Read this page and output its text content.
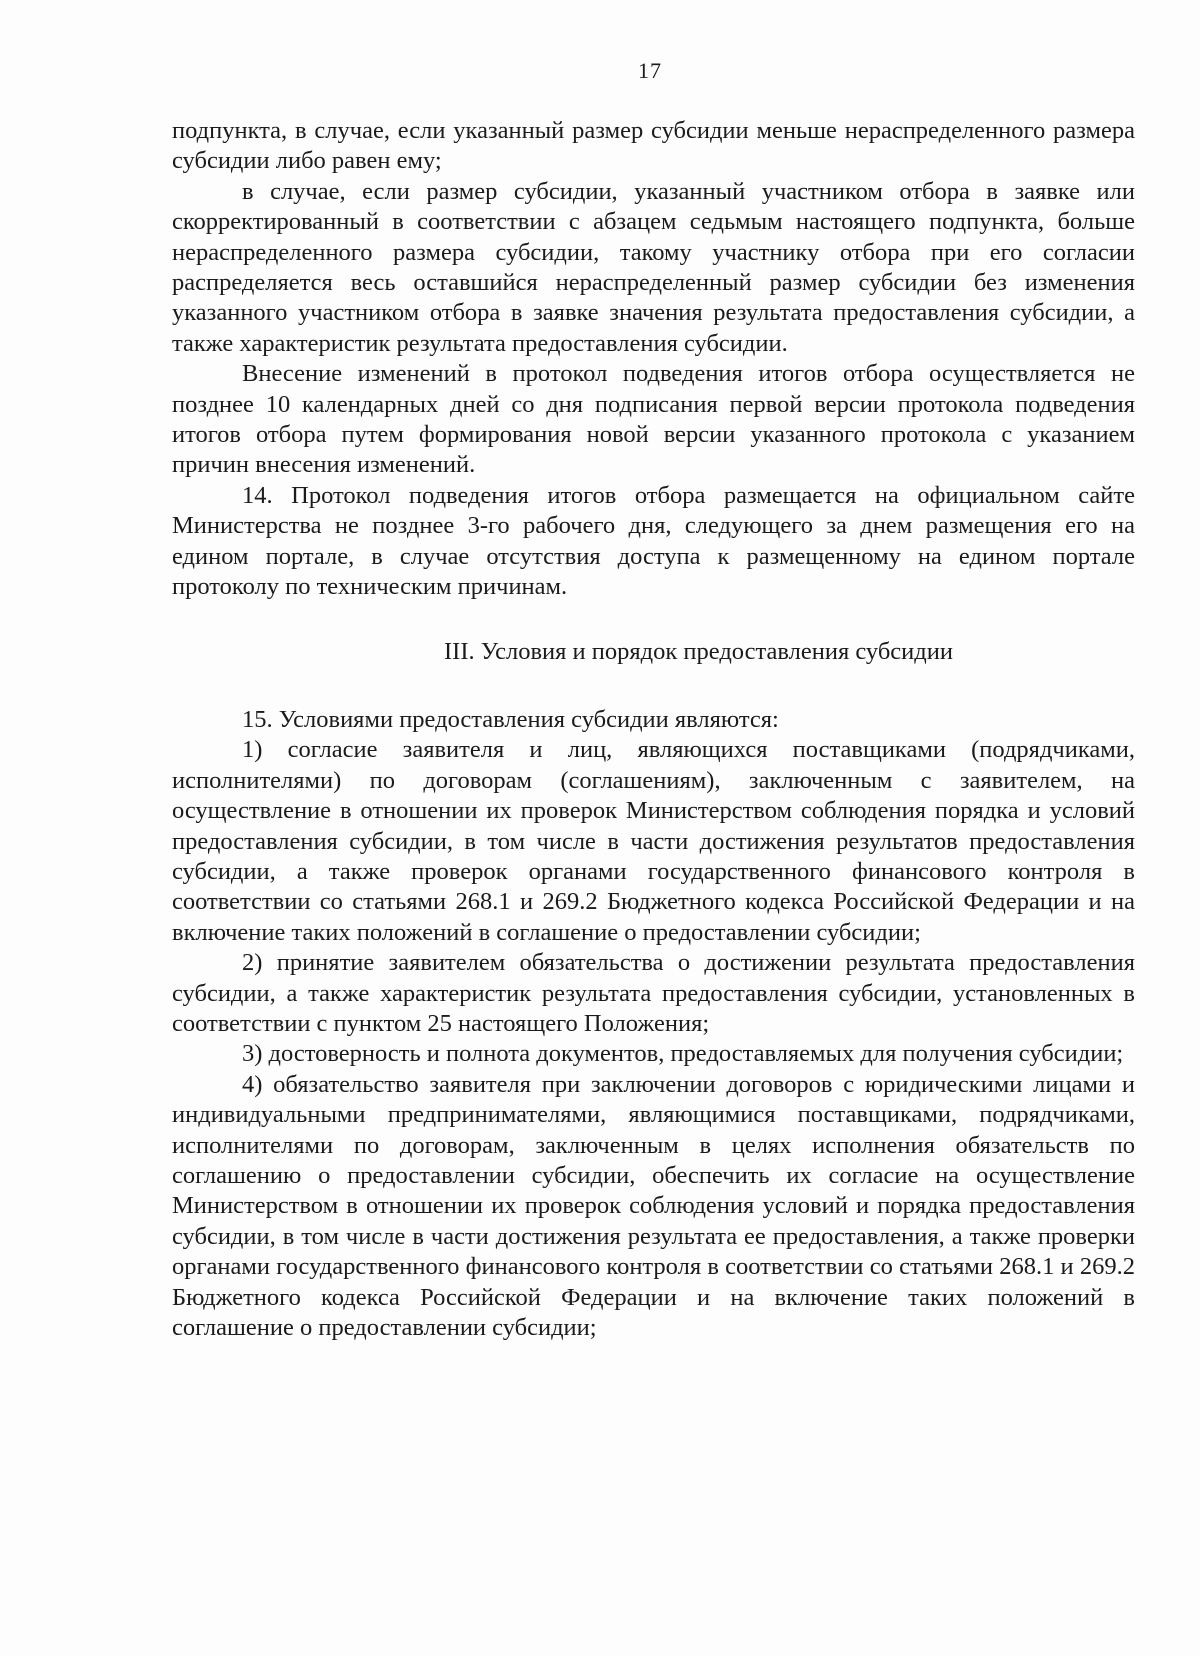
17

подпункта, в случае, если указанный размер субсидии меньше нераспределенного размера субсидии либо равен ему;

в случае, если размер субсидии, указанный участником отбора в заявке или скорректированный в соответствии с абзацем седьмым настоящего подпункта, больше нераспределенного размера субсидии, такому участнику отбора при его согласии распределяется весь оставшийся нераспределенный размер субсидии без изменения указанного участником отбора в заявке значения результата предоставления субсидии, а также характеристик результата предоставления субсидии.

Внесение изменений в протокол подведения итогов отбора осуществляется не позднее 10 календарных дней со дня подписания первой версии протокола подведения итогов отбора путем формирования новой версии указанного протокола с указанием причин внесения изменений.

14. Протокол подведения итогов отбора размещается на официальном сайте Министерства не позднее 3-го рабочего дня, следующего за днем размещения его на едином портале, в случае отсутствия доступа к размещенному на едином портале протоколу по техническим причинам.

III. Условия и порядок предоставления субсидии

15. Условиями предоставления субсидии являются:

1) согласие заявителя и лиц, являющихся поставщиками (подрядчиками, исполнителями) по договорам (соглашениям), заключенным с заявителем, на осуществление в отношении их проверок Министерством соблюдения порядка и условий предоставления субсидии, в том числе в части достижения результатов предоставления субсидии, а также проверок органами государственного финансового контроля в соответствии со статьями 268.1 и 269.2 Бюджетного кодекса Российской Федерации и на включение таких положений в соглашение о предоставлении субсидии;

2) принятие заявителем обязательства о достижении результата предоставления субсидии, а также характеристик результата предоставления субсидии, установленных в соответствии с пунктом 25 настоящего Положения;

3) достоверность и полнота документов, предоставляемых для получения субсидии;

4) обязательство заявителя при заключении договоров с юридическими лицами и индивидуальными предпринимателями, являющимися поставщиками, подрядчиками, исполнителями по договорам, заключенным в целях исполнения обязательств по соглашению о предоставлении субсидии, обеспечить их согласие на осуществление Министерством в отношении их проверок соблюдения условий и порядка предоставления субсидии, в том числе в части достижения результата ее предоставления, а также проверки органами государственного финансового контроля в соответствии со статьями 268.1 и 269.2 Бюджетного кодекса Российской Федерации и на включение таких положений в соглашение о предоставлении субсидии;
